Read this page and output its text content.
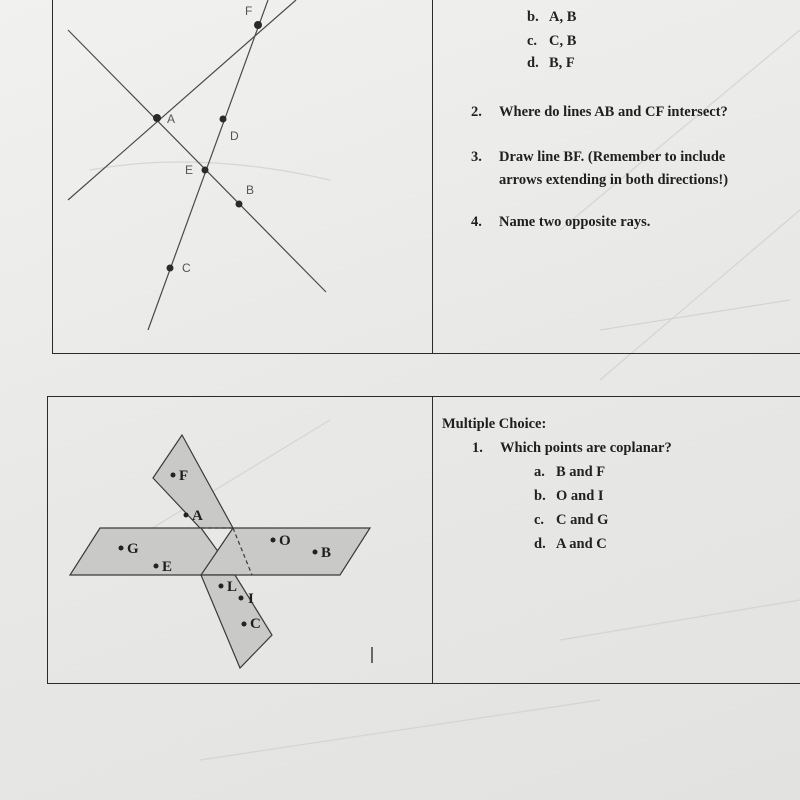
F
A
D
E
B
C
b. A, B
c. C, B
d. B, F
2. Where do lines AB and CF intersect?
3. Draw line BF. (Remember to include
arrows extending in both directions!)
4. Name two opposite rays.
F
A
G
E
O
B
L
I
C
Multiple Choice:
1. Which points are coplanar?
a. B and F
b. O and I
c. C and G
d. A and C
